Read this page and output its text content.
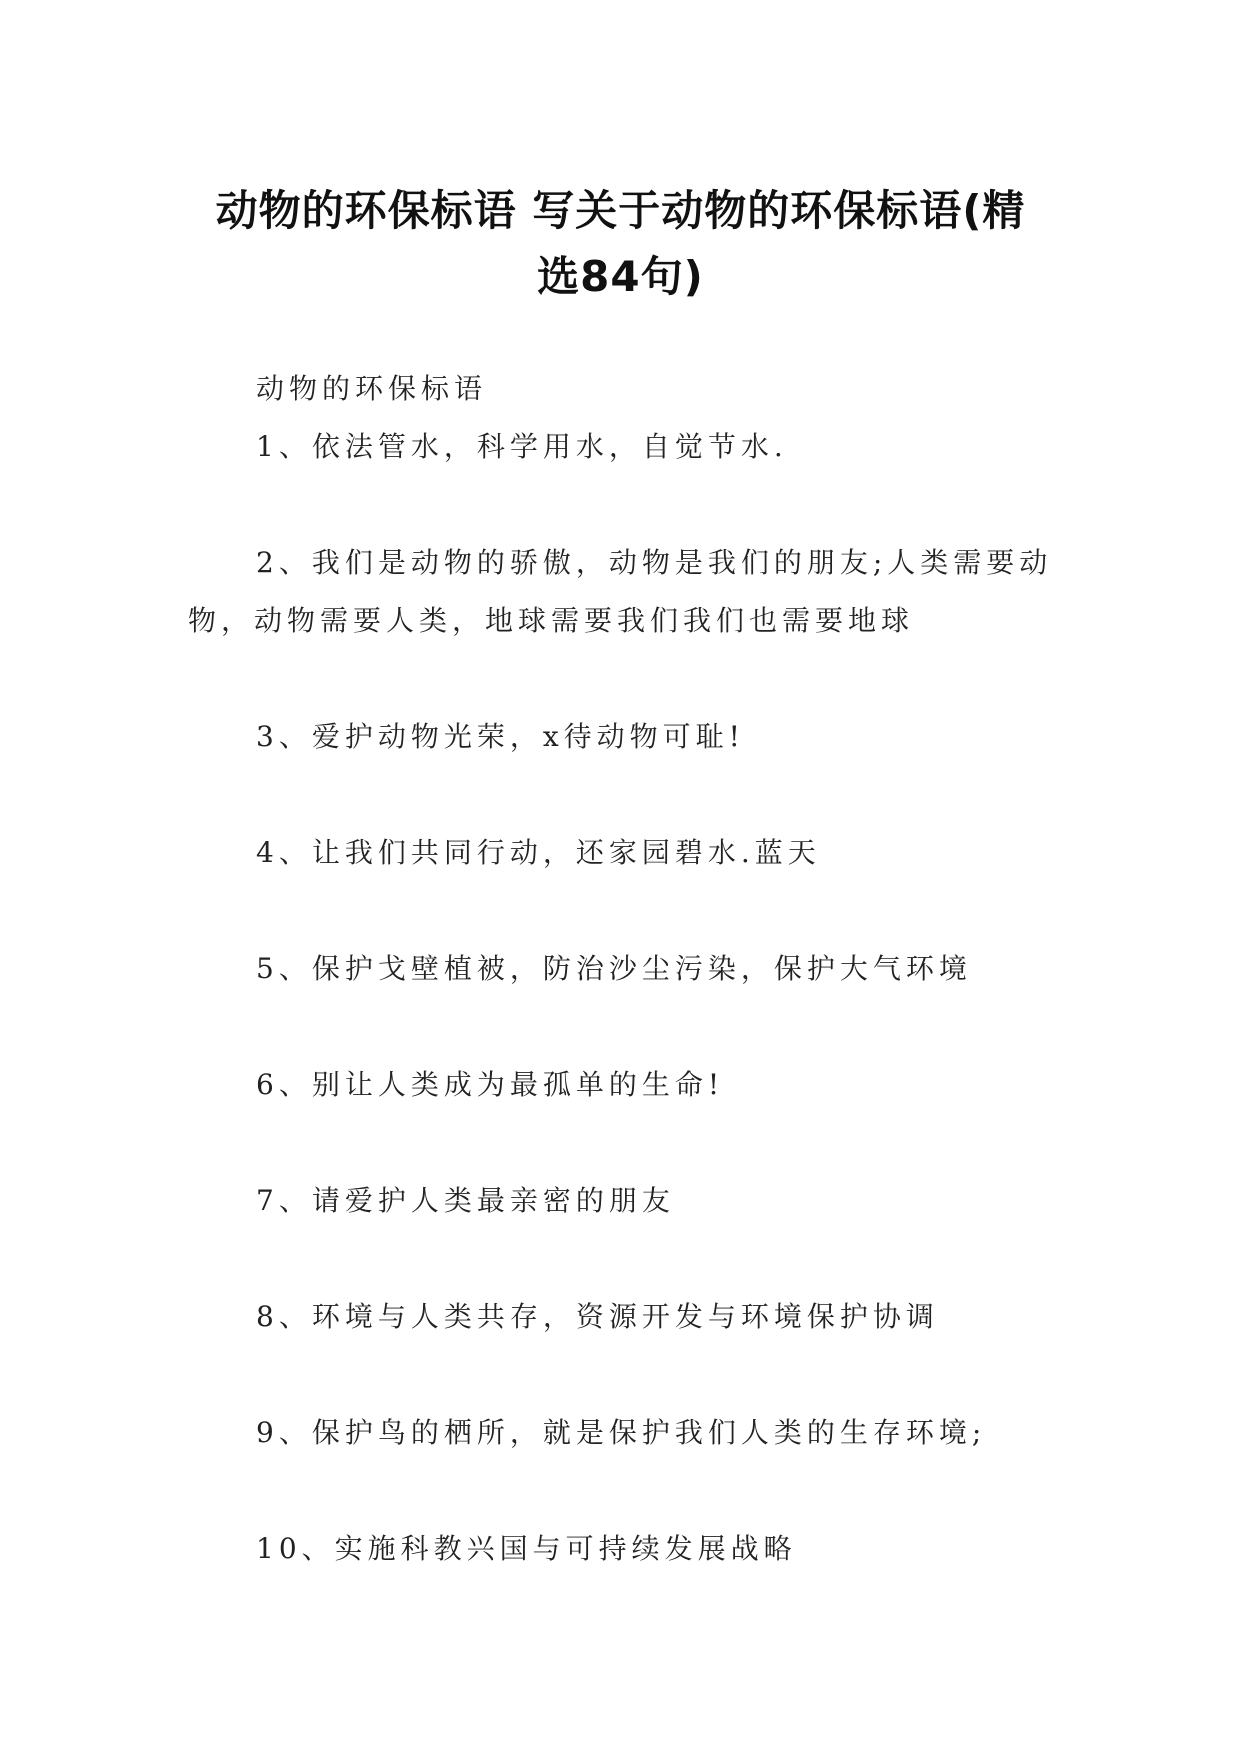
动物的环保标语 写关于动物的环保标语(精
选84句)

动物的环保标语

1、依法管水，科学用水，自觉节水.

2、我们是动物的骄傲，动物是我们的朋友;人类需要动物，动物需要人类，地球需要我们我们也需要地球

3、爱护动物光荣，x待动物可耻!

4、让我们共同行动，还家园碧水.蓝天

5、保护戈壁植被，防治沙尘污染，保护大气环境

6、别让人类成为最孤单的生命!

7、请爱护人类最亲密的朋友

8、环境与人类共存，资源开发与环境保护协调

9、保护鸟的栖所，就是保护我们人类的生存环境;

10、实施科教兴国与可持续发展战略
